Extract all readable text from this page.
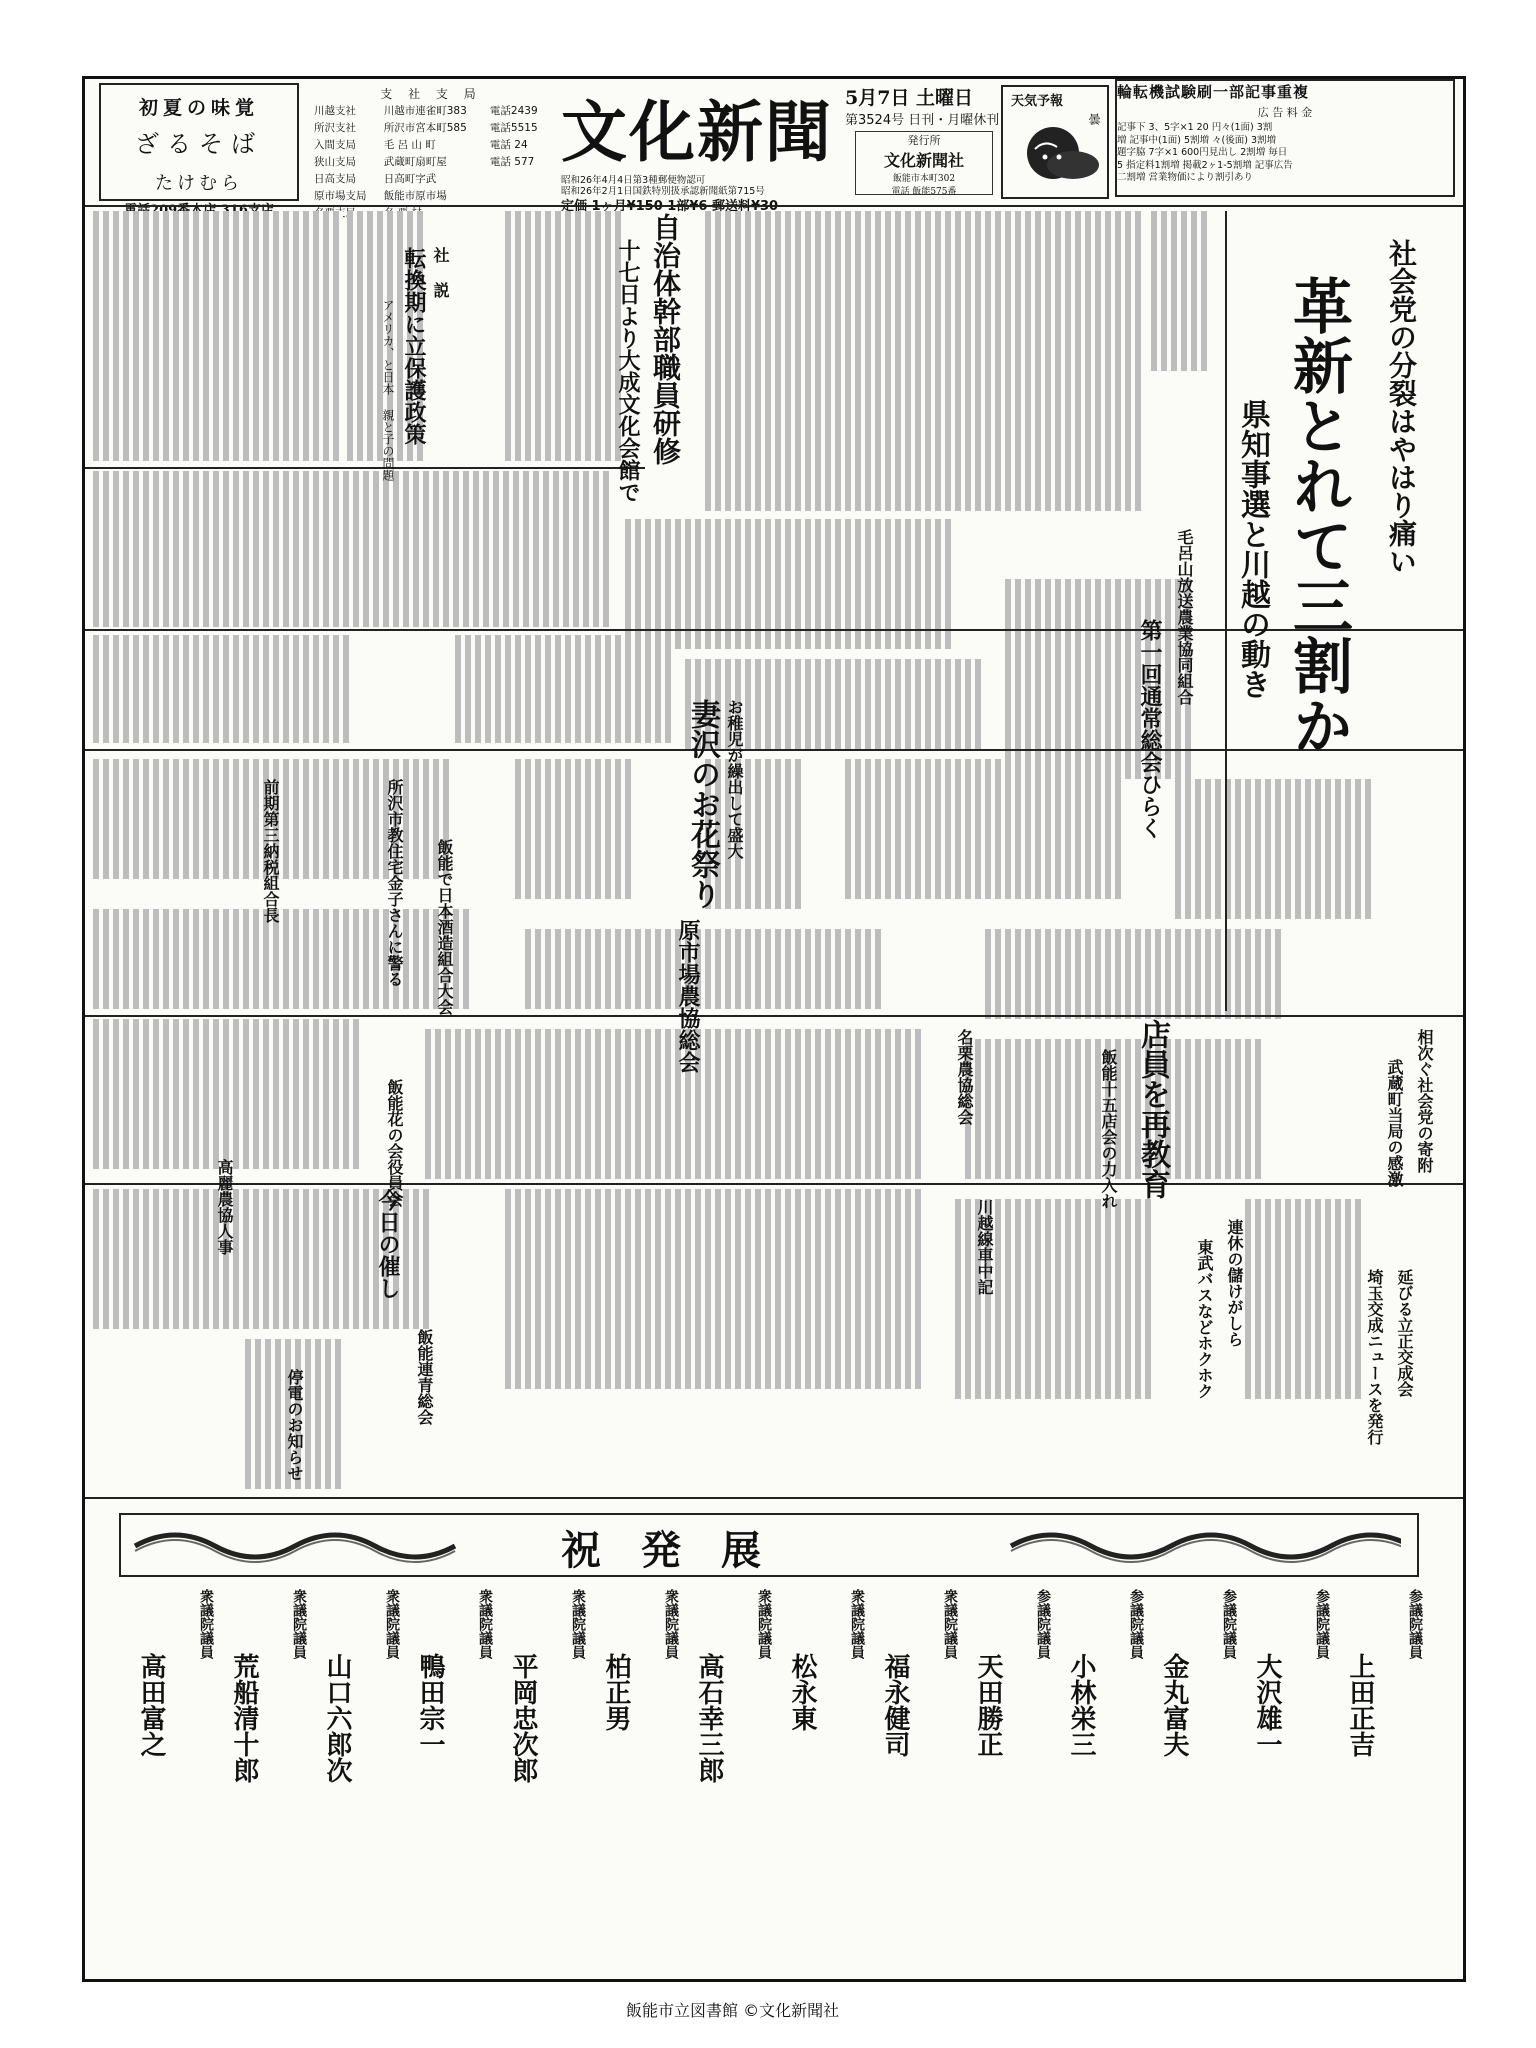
初夏の味覚
ざるそば
たけむら
支 社 支 局
川越支社	川越市連雀町383	電話2439
所沢支社	所沢市宮本町585	電話5515
入間支局	毛 呂 山 町	電話 24
狭山支局	武蔵町扇町屋	電話 577
日高支局	日高町字武	
原市場支局	飯能市原市場	

文化新聞 5月7日 土曜日
第3524号 日刊・月曜休刊
発行所
文化新聞社
飯能市本町302
電話 飯能575番
昭和26年4月4日第3種郵便物認可
昭和26年2月1日国鉄特別扱承認新聞紙第715号
天気予報
曇
輪転機試験刷一部記事重複
広 告 料 金
記事下 3、5字×1 20 円々(1面) 3割
増 記事中(1面) 5割増 々(後面) 3割増
題字脇 7字×1 600円見出し 2割増 毎日
5 指定料1割増 掲載2ヶ1-5割増 記事広告
二割増 営業物価により割引あり

社会党の分裂はやはり痛い
革新とれて三割か
県知事選と川越の動き
社 説
転換期に立保護政策
アメリカ、と日本 親と子の問題	自治体幹部職員研修
十七日より大成文化会館で
毛呂山放送農業協同組合
第一回通常総会ひらく
お稚児が繰出して盛大
妻沢のお花祭り
前期第三納税組合長	飯能で日本酒造組合大会
所沢市教住宅金子さんに警る
原市場農協総会
名栗農協総会	店員を再教育
飯能十五店会の力入れ	相次ぐ社会党の寄附
武蔵町当局の感激
川越線車中記	連休の儲けがしら
東武バスなどホクホク	延びる立正交成会
埼玉交成ニュースを発行
今日の催し
飯能連青総会
停電のお知らせ
高麗農協人事	飯能花の会役員会
祝発展
参議院議員
上田正吉
参議院議員
大沢雄一
参議院議員
金丸富夫
参議院議員
小林栄三
参議院議員
天田勝正
衆議院議員
福永健司
衆議院議員
松永東
衆議院議員
高石幸三郎
衆議院議員
柏正男
衆議院議員
平岡忠次郎
衆議院議員
鴨田宗一
衆議院議員
山口六郎次
衆議院議員
荒船清十郎
衆議院議員
高田富之
飯能市立図書館 ©文化新聞社
